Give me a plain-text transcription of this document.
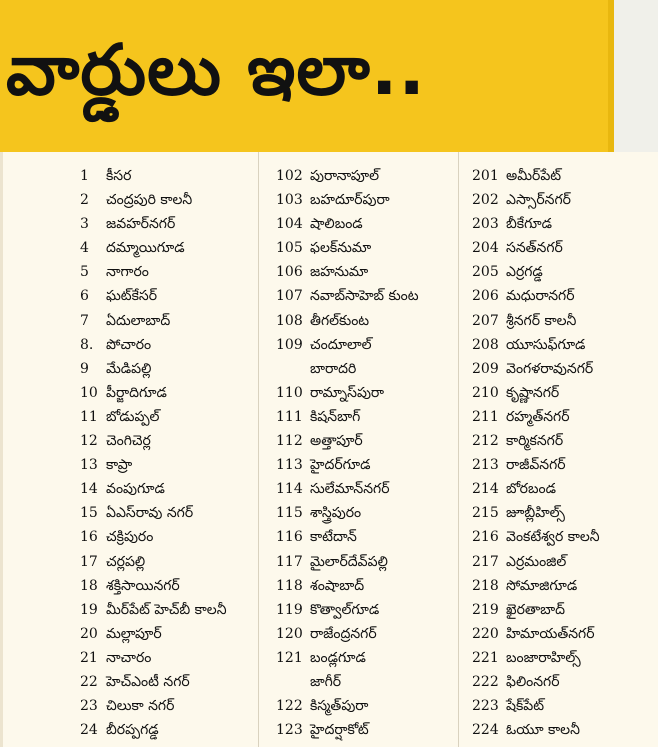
వార్డులు ఇలా..
1	కీసర
2	చంద్రపురి కాలనీ
3	జవహర్‌నగర్
4	దమ్మాయిగూడ
5	నాగారం
6	ఘట్‌కేసర్
7	ఏదులాబాద్
8. పోచారం
9	మేడిపల్లి
10 పీర్జాదిగూడ
11 బోడుప్పల్
12 చెంగిచెర్ల
13 కాప్రా
14 వంపుగూడ
15 ఏఎస్‌రావు నగర్
16 చక్రిపురం
17 చర్లపల్లి
18 శక్తిసాయినగర్
19 మీర్‌పేట్ హెచ్‌బీ కాలనీ
20 మల్లాపూర్
21 నాచారం
22 హెచ్‌ఎంటీ నగర్
23 చిలుకా నగర్
24 బీరప్పగడ్డ
102 పురానాపూల్
103 బహదూర్‌పురా
104 షాలిబండ
105 ఫలక్‌నుమా
106 జహనుమా
107 నవాబ్‌సాహెబ్ కుంట
108 తీగల్‌కుంట
109 చందూలాల్
బారాదరి
110 రామ్నాస్‌పురా
111 కిషన్‌బాగ్
112 అత్తాపూర్
113 హైదర్‌గూడ
114 సులేమాన్‌నగర్
115 శాస్త్రిపురం
116 కాటేదాన్
117 మైలార్‌దేవ్‌పల్లి
118 శంషాబాద్
119 కొత్వాల్‌గూడ
120 రాజేంద్రనగర్
121 బండ్లగూడ
జాగీర్
122 కిస్మత్‌పురా
123 హైదర్షాకోట్
201 అమీర్‌పేట్
202 ఎస్సార్‌నగర్
203 బీకేగూడ
204 సనత్‌నగర్
205 ఎర్రగడ్డ
206 మధురానగర్
207 శ్రీనగర్ కాలనీ
208 యూసుఫ్‌గూడ
209 వెంగళరావునగర్
210 కృష్ణానగర్
211 రహ్మత్‌నగర్
212 కార్మికనగర్
213 రాజీవ్‌నగర్
214 బోరబండ
215 జూబ్లీహిల్స్
216 వెంకటేశ్వర కాలనీ
217 ఎర్రమంజిల్
218 సోమాజిగూడ
219 ఖైరతాబాద్
220 హిమాయత్‌నగర్
221 బంజారాహిల్స్
222 ఫిలింనగర్
223 షేక్‌పేట్
224 ఓయూ కాలనీ
